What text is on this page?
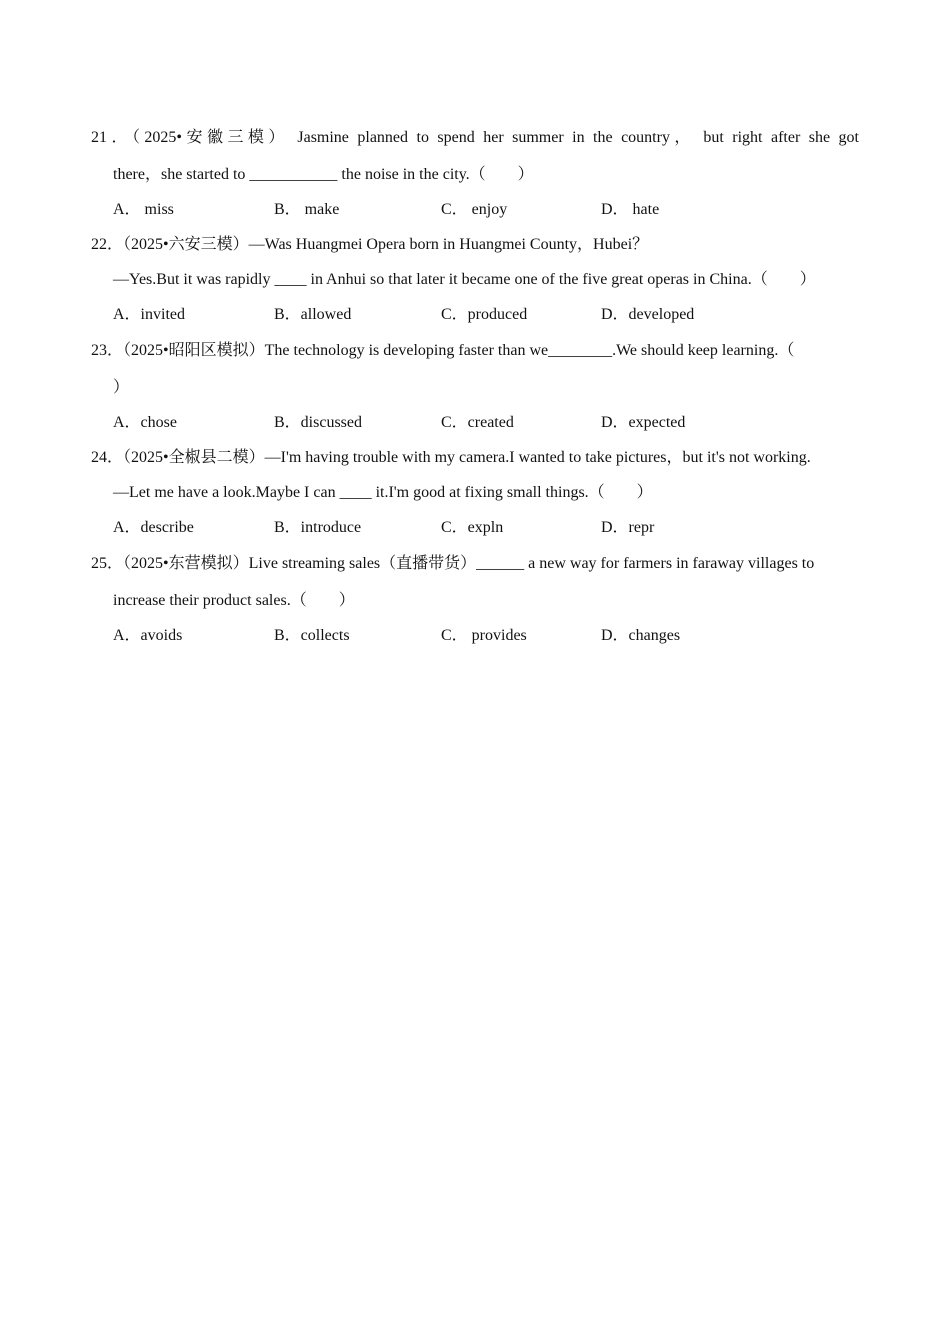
21．（2025•安徽三模） Jasmine planned to spend her summer in the country， but right after she got
there，she started to ___________ the noise in the city.（　　）
A． miss	B． make	C． enjoy	D． hate
22．（2025•六安三模）—Was Huangmei Opera born in Huangmei County，Hubei？
—Yes.But it was rapidly ____ in Anhui so that later it became one of the five great operas in China.（　　）
A．invited	B．allowed	C．produced	D．developed
23．（2025•昭阳区模拟）The technology is developing faster than we________.We should keep learning.（
）
A．chose	B．discussed	C．created	D．expected
24．（2025•全椒县二模）—I'm having trouble with my camera.I wanted to take pictures，but it's not working.
—Let me have a look.Maybe I can ____ it.I'm good at fixing small things.（　　）
A．describe	B．introduce	C．expln	D．repr
25．（2025•东营模拟）Live streaming sales（直播带货）______ a new way for farmers in faraway villages to
increase their product sales.（　　）
A．avoids	B．collects	C． provides	D．changes
